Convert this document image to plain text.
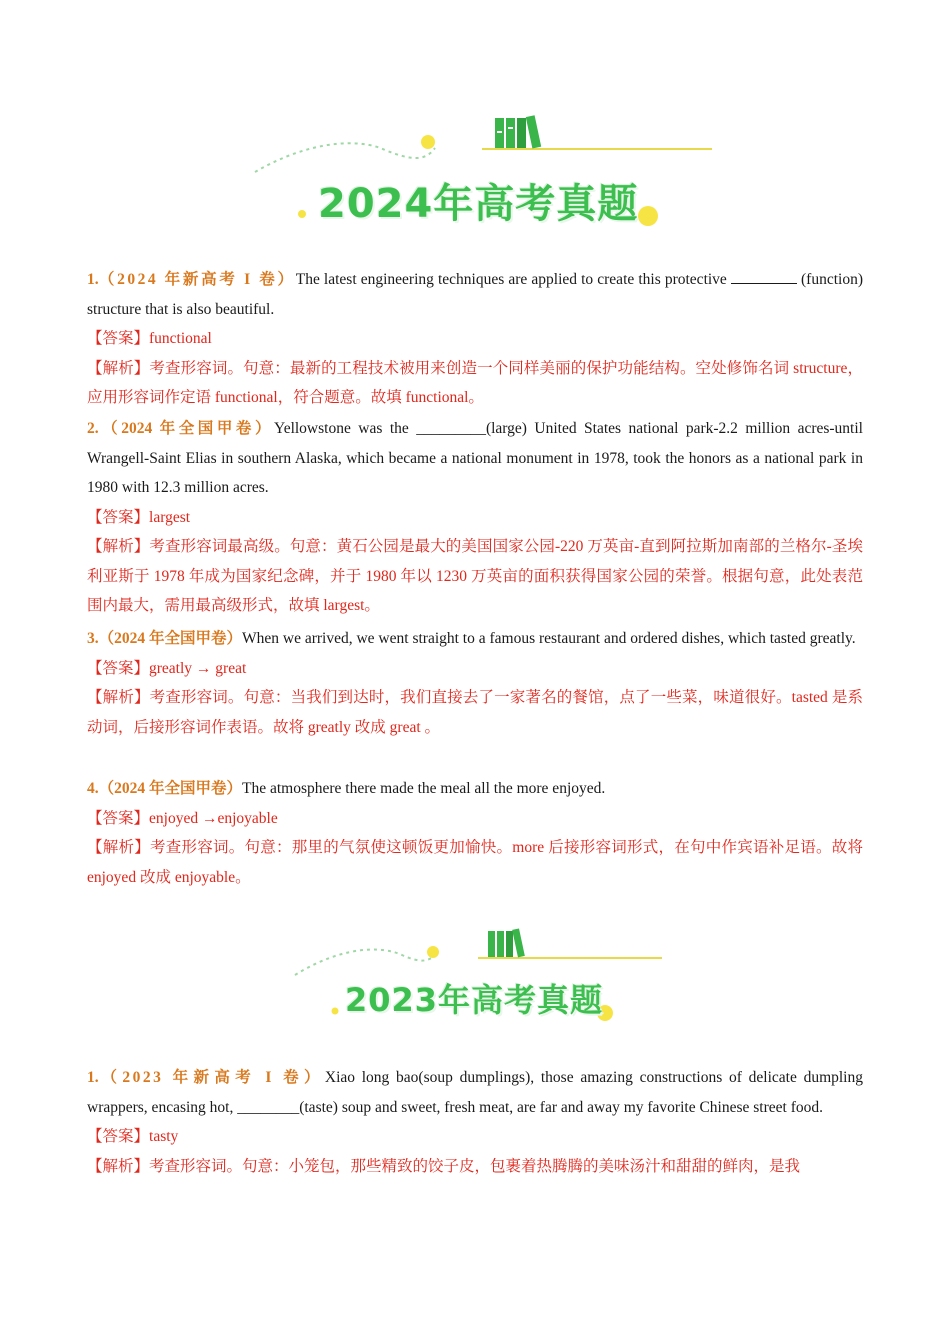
2024年高考真题
1.（2024 年新高考 I 卷）The latest engineering techniques are applied to create this protective	(function) structure that is also beautiful.
【答案】functional
【解析】考查形容词。句意：最新的工程技术被用来创造一个同样美丽的保护功能结构。空处修饰名词 structure，应用形容词作定语 functional，符合题意。故填 functional。
2.（2024 年全国甲卷）Yellowstone was the _________(large) United States national park-2.2 million acres-until Wrangell-Saint Elias in southern Alaska, which became a national monument in 1978, took the honors as a national park in 1980 with 12.3 million acres.
【答案】largest
【解析】考查形容词最高级。句意：黄石公园是最大的美国国家公园-220 万英亩-直到阿拉斯加南部的兰格尔-圣埃利亚斯于 1978 年成为国家纪念碑，并于 1980 年以 1230 万英亩的面积获得国家公园的荣誉。根据句意，此处表范围内最大，需用最高级形式，故填 largest。
3.（2024 年全国甲卷）When we arrived, we went straight to a famous restaurant and ordered dishes, which tasted greatly.
【答案】greatly → great
【解析】考查形容词。句意：当我们到达时，我们直接去了一家著名的餐馆，点了一些菜，味道很好。tasted 是系动词，后接形容词作表语。故将 greatly 改成 great 。
4.（2024 年全国甲卷）The atmosphere there made the meal all the more enjoyed.
【答案】enjoyed →enjoyable
【解析】考查形容词。句意：那里的气氛使这顿饭更加愉快。more 后接形容词形式，在句中作宾语补足语。故将 enjoyed 改成 enjoyable。
2023年高考真题
1.（2023 年新高考 I 卷）Xiao long bao(soup dumplings), those amazing constructions of delicate dumpling wrappers, encasing hot, ________(taste) soup and sweet, fresh meat, are far and away my favorite Chinese street food.
【答案】tasty
【解析】考查形容词。句意：小笼包，那些精致的饺子皮，包裹着热腾腾的美味汤汁和甜甜的鲜肉，是我
